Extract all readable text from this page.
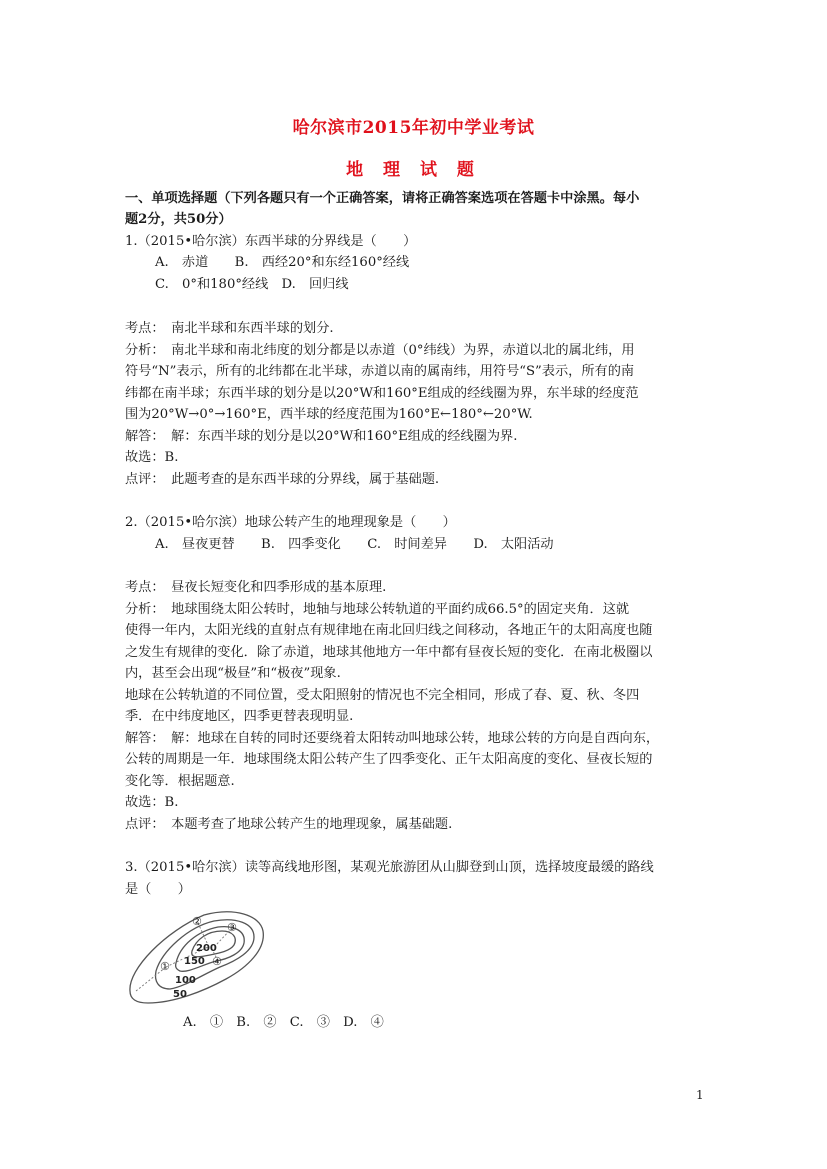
哈尔滨市2015年初中学业考试
地 理 试 题
一、单项选择题（下列各题只有一个正确答案，请将正确答案选项在答题卡中涂黑。每小
题2分，共50分）
1.（2015•哈尔滨）东西半球的分界线是（　　）
A.　赤道　　B.　西经20°和东经160°经线
C.　0°和180°经线　D.　回归线
考点：　南北半球和东西半球的划分.
分析：　南北半球和南北纬度的划分都是以赤道（0°纬线）为界，赤道以北的属北纬，用
符号“N”表示，所有的北纬都在北半球，赤道以南的属南纬，用符号“S”表示，所有的南
纬都在南半球；东西半球的划分是以20°W和160°E组成的经线圈为界，东半球的经度范
围为20°W→0°→160°E，西半球的经度范围为160°E←180°←20°W.
解答：　解：东西半球的划分是以20°W和160°E组成的经线圈为界.
故选：B.
点评：　此题考查的是东西半球的分界线，属于基础题.
2.（2015•哈尔滨）地球公转产生的地理现象是（　　）
A.　昼夜更替　　B.　四季变化　　C.　时间差异　　D.　太阳活动
考点：　昼夜长短变化和四季形成的基本原理.
分析：　地球围绕太阳公转时，地轴与地球公转轨道的平面约成66.5°的固定夹角．这就
使得一年内，太阳光线的直射点有规律地在南北回归线之间移动，各地正午的太阳高度也随
之发生有规律的变化．除了赤道，地球其他地方一年中都有昼夜长短的变化．在南北极圈以
内，甚至会出现“极昼”和“极夜”现象.
地球在公转轨道的不同位置，受太阳照射的情况也不完全相同，形成了春、夏、秋、冬四
季．在中纬度地区，四季更替表现明显.
解答：　解：地球在自转的同时还要绕着太阳转动叫地球公转，地球公转的方向是自西向东，
公转的周期是一年．地球围绕太阳公转产生了四季变化、正午太阳高度的变化、昼夜长短的
变化等．根据题意.
故选：B.
点评：　本题考查了地球公转产生的地理现象，属基础题.
3.（2015•哈尔滨）读等高线地形图，某观光旅游团从山脚登到山顶，选择坡度最缓的路线
是（　　）
200
150
100
50
①
② ③
④
A.　①　B.　②　C.　③　D.　④
1
